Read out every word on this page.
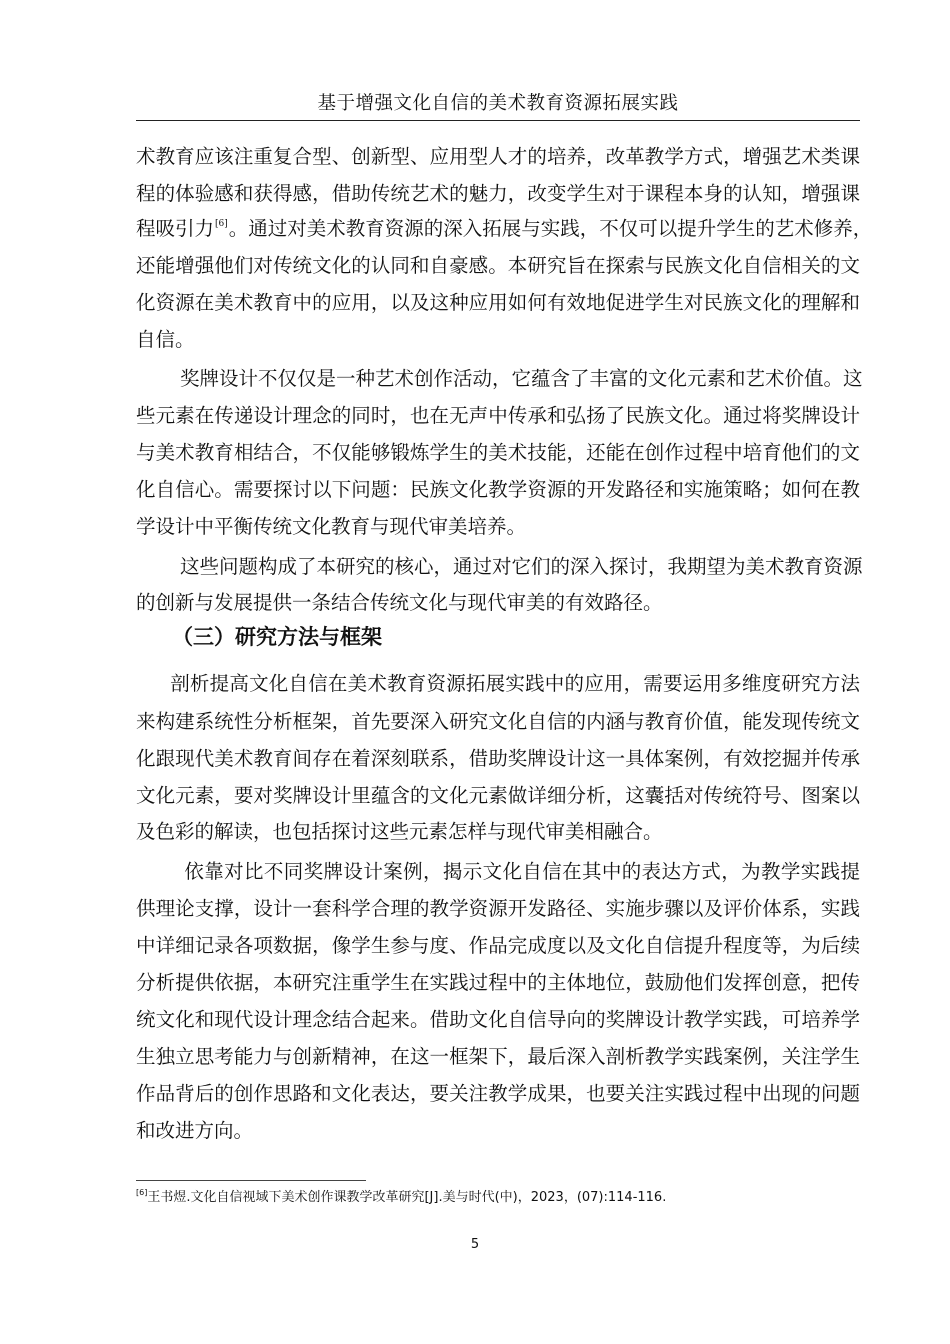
基于增强文化自信的美术教育资源拓展实践
术教育应该注重复合型、创新型、应用型人才的培养，改革教学方式，增强艺术类课
程的体验感和获得感，借助传统艺术的魅力，改变学生对于课程本身的认知，增强课
程吸引力[6]。通过对美术教育资源的深入拓展与实践，不仅可以提升学生的艺术修养，
还能增强他们对传统文化的认同和自豪感。本研究旨在探索与民族文化自信相关的文
化资源在美术教育中的应用，以及这种应用如何有效地促进学生对民族文化的理解和
自信。
奖牌设计不仅仅是一种艺术创作活动，它蕴含了丰富的文化元素和艺术价值。这
些元素在传递设计理念的同时，也在无声中传承和弘扬了民族文化。通过将奖牌设计
与美术教育相结合，不仅能够锻炼学生的美术技能，还能在创作过程中培育他们的文
化自信心。需要探讨以下问题：民族文化教学资源的开发路径和实施策略；如何在教
学设计中平衡传统文化教育与现代审美培养。
这些问题构成了本研究的核心，通过对它们的深入探讨，我期望为美术教育资源
的创新与发展提供一条结合传统文化与现代审美的有效路径。
（三）研究方法与框架
剖析提高文化自信在美术教育资源拓展实践中的应用，需要运用多维度研究方法
来构建系统性分析框架，首先要深入研究文化自信的内涵与教育价值，能发现传统文
化跟现代美术教育间存在着深刻联系，借助奖牌设计这一具体案例，有效挖掘并传承
文化元素，要对奖牌设计里蕴含的文化元素做详细分析，这囊括对传统符号、图案以
及色彩的解读，也包括探讨这些元素怎样与现代审美相融合。
依靠对比不同奖牌设计案例，揭示文化自信在其中的表达方式，为教学实践提
供理论支撑，设计一套科学合理的教学资源开发路径、实施步骤以及评价体系，实践
中详细记录各项数据，像学生参与度、作品完成度以及文化自信提升程度等，为后续
分析提供依据，本研究注重学生在实践过程中的主体地位，鼓励他们发挥创意，把传
统文化和现代设计理念结合起来。借助文化自信导向的奖牌设计教学实践，可培养学
生独立思考能力与创新精神，在这一框架下，最后深入剖析教学实践案例，关注学生
作品背后的创作思路和文化表达，要关注教学成果，也要关注实践过程中出现的问题
和改进方向。
[6]王书煜.文化自信视域下美术创作课教学改革研究[J].美与时代(中)，2023，(07):114-116.
5
